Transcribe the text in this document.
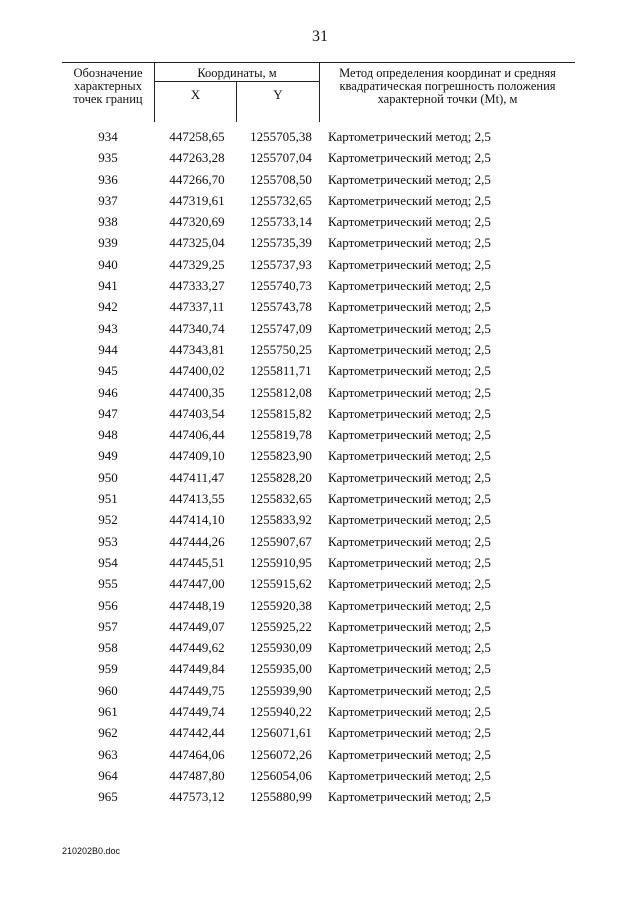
31
Обозначение
характерных
точек границ	Координаты, м		Метод определения координат и средняя
квадратическая погрешность положения
характерной точки (Mt), м

	X	Y	
934	447258,65	1255705,38	Картометрический метод; 2,5
935	447263,28	1255707,04	Картометрический метод; 2,5
936	447266,70	1255708,50	Картометрический метод; 2,5
937	447319,61	1255732,65	Картометрический метод; 2,5
938	447320,69	1255733,14	Картометрический метод; 2,5
939	447325,04	1255735,39	Картометрический метод; 2,5
940	447329,25	1255737,93	Картометрический метод; 2,5
941	447333,27	1255740,73	Картометрический метод; 2,5
942	447337,11	1255743,78	Картометрический метод; 2,5
943	447340,74	1255747,09	Картометрический метод; 2,5
944	447343,81	1255750,25	Картометрический метод; 2,5
945	447400,02	1255811,71	Картометрический метод; 2,5
946	447400,35	1255812,08	Картометрический метод; 2,5
947	447403,54	1255815,82	Картометрический метод; 2,5
948	447406,44	1255819,78	Картометрический метод; 2,5
949	447409,10	1255823,90	Картометрический метод; 2,5
950	447411,47	1255828,20	Картометрический метод; 2,5
951	447413,55	1255832,65	Картометрический метод; 2,5
952	447414,10	1255833,92	Картометрический метод; 2,5
953	447444,26	1255907,67	Картометрический метод; 2,5
954	447445,51	1255910,95	Картометрический метод; 2,5
955	447447,00	1255915,62	Картометрический метод; 2,5
956	447448,19	1255920,38	Картометрический метод; 2,5
957	447449,07	1255925,22	Картометрический метод; 2,5
958	447449,62	1255930,09	Картометрический метод; 2,5
959	447449,84	1255935,00	Картометрический метод; 2,5
960	447449,75	1255939,90	Картометрический метод; 2,5
961	447449,74	1255940,22	Картометрический метод; 2,5
962	447442,44	1256071,61	Картометрический метод; 2,5
963	447464,06	1256072,26	Картометрический метод; 2,5
964	447487,80	1256054,06	Картометрический метод; 2,5
965	447573,12	1255880,99	Картометрический метод; 2,5
210202B0.doc
